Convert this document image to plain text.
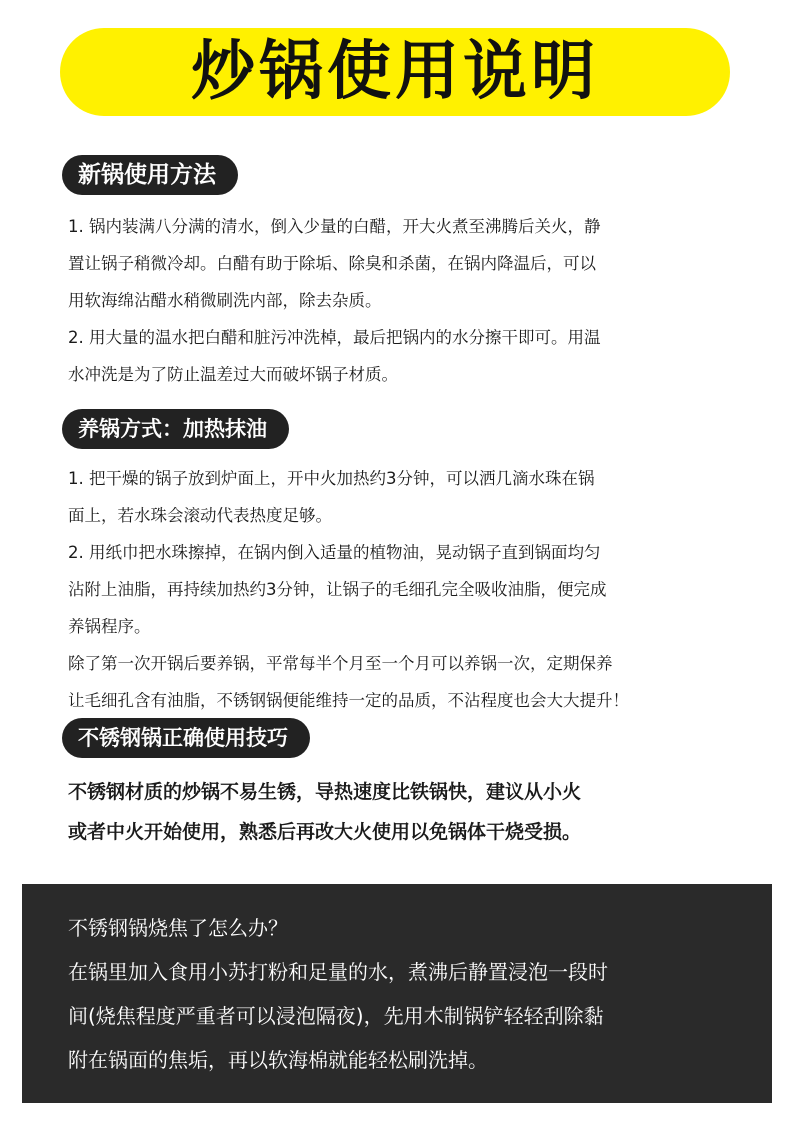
炒锅使用说明
新锅使用方法
1. 锅内装满八分满的清水，倒入少量的白醋，开大火煮至沸腾后关火，静
置让锅子稍微冷却。白醋有助于除垢、除臭和杀菌，在锅内降温后，可以
用软海绵沾醋水稍微刷洗内部，除去杂质。
2. 用大量的温水把白醋和脏污冲洗棹，最后把锅内的水分擦干即可。用温
水冲洗是为了防止温差过大而破坏锅子材质。
养锅方式：加热抹油
1. 把干燥的锅子放到炉面上，开中火加热约3分钟，可以洒几滴水珠在锅
面上，若水珠会滚动代表热度足够。
2. 用纸巾把水珠擦掉，在锅内倒入适量的植物油，晃动锅子直到锅面均匀
沾附上油脂，再持续加热约3分钟，让锅子的毛细孔完全吸收油脂，便完成
养锅程序。
除了第一次开锅后要养锅，平常每半个月至一个月可以养锅一次，定期保养
让毛细孔含有油脂，不锈钢锅便能维持一定的品质，不沾程度也会大大提升！
不锈钢锅正确使用技巧
不锈钢材质的炒锅不易生锈，导热速度比铁锅快，建议从小火
或者中火开始使用，熟悉后再改大火使用以免锅体干烧受损。
不锈钢锅烧焦了怎么办？
在锅里加入食用小苏打粉和足量的水，煮沸后静置浸泡一段时
间(烧焦程度严重者可以浸泡隔夜)，先用木制锅铲轻轻刮除黏
附在锅面的焦垢，再以软海棉就能轻松刷洗掉。
